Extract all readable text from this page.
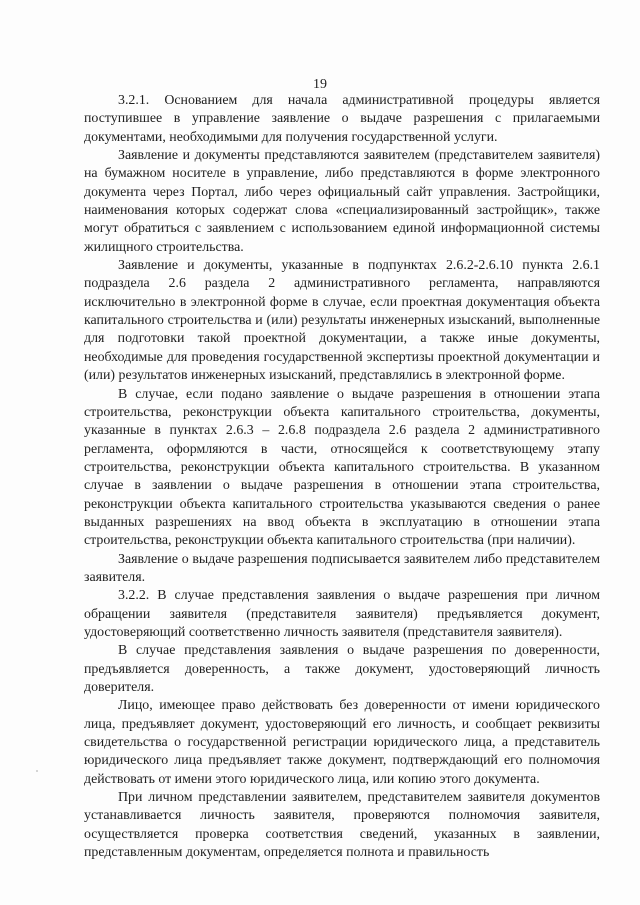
19

3.2.1. Основанием для начала административной процедуры является поступившее в управление заявление о выдаче разрешения с прилагаемыми документами, необходимыми для получения государственной услуги.

Заявление и документы представляются заявителем (представителем заявителя) на бумажном носителе в управление, либо представляются в форме электронного документа через Портал, либо через официальный сайт управления. Застройщики, наименования которых содержат слова «специализированный застройщик», также могут обратиться с заявлением с использованием единой информационной системы жилищного строительства.

Заявление и документы, указанные в подпунктах 2.6.2-2.6.10 пункта 2.6.1 подраздела 2.6 раздела 2 административного регламента, направляются исключительно в электронной форме в случае, если проектная документация объекта капитального строительства и (или) результаты инженерных изысканий, выполненные для подготовки такой проектной документации, а также иные документы, необходимые для проведения государственной экспертизы проектной документации и (или) результатов инженерных изысканий, представлялись в электронной форме.

В случае, если подано заявление о выдаче разрешения в отношении этапа строительства, реконструкции объекта капитального строительства, документы, указанные в пунктах 2.6.3 – 2.6.8 подраздела 2.6 раздела 2 административного регламента, оформляются в части, относящейся к соответствующему этапу строительства, реконструкции объекта капитального строительства. В указанном случае в заявлении о выдаче разрешения в отношении этапа строительства, реконструкции объекта капитального строительства указываются сведения о ранее выданных разрешениях на ввод объекта в эксплуатацию в отношении этапа строительства, реконструкции объекта капитального строительства (при наличии).

Заявление о выдаче разрешения подписывается заявителем либо представителем заявителя.

3.2.2. В случае представления заявления о выдаче разрешения при личном обращении заявителя (представителя заявителя) предъявляется документ, удостоверяющий соответственно личность заявителя (представителя заявителя).

В случае представления заявления о выдаче разрешения по доверенности, предъявляется доверенность, а также документ, удостоверяющий личность доверителя.

Лицо, имеющее право действовать без доверенности от имени юридического лица, предъявляет документ, удостоверяющий его личность, и сообщает реквизиты свидетельства о государственной регистрации юридического лица, а представитель юридического лица предъявляет также документ, подтверждающий его полномочия действовать от имени этого юридического лица, или копию этого документа.

При личном представлении заявителем, представителем заявителя документов устанавливается личность заявителя, проверяются полномочия заявителя, осуществляется проверка соответствия сведений, указанных в заявлении, представленным документам, определяется полнота и правильность
